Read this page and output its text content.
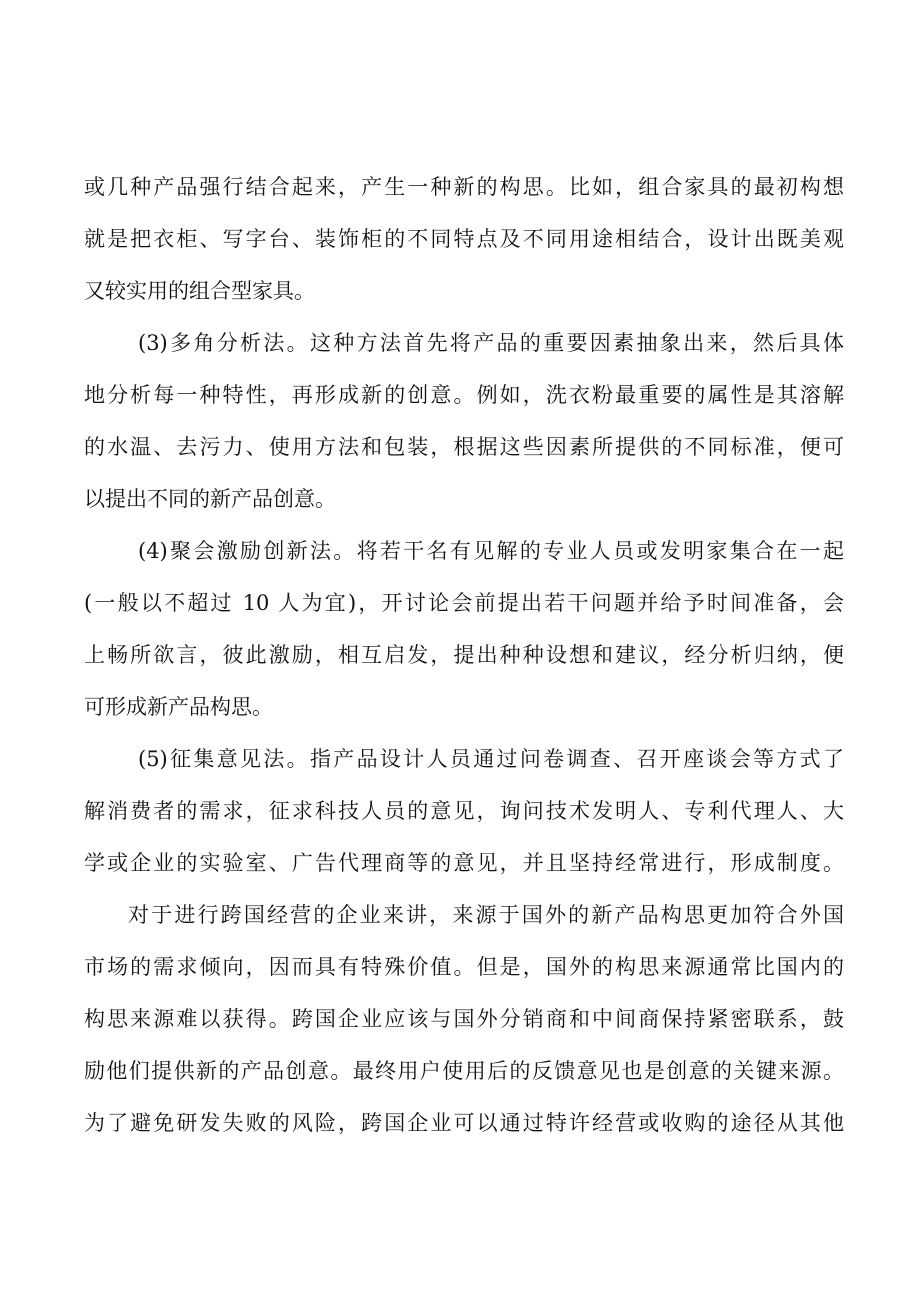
或几种产品强行结合起来，产生一种新的构思。比如，组合家具的最初构想
就是把衣柜、写字台、装饰柜的不同特点及不同用途相结合，设计出既美观
又较实用的组合型家具。
(3)多角分析法。这种方法首先将产品的重要因素抽象出来，然后具体
地分析每一种特性，再形成新的创意。例如，洗衣粉最重要的属性是其溶解
的水温、去污力、使用方法和包装，根据这些因素所提供的不同标准，便可
以提出不同的新产品创意。
(4)聚会激励创新法。将若干名有见解的专业人员或发明家集合在一起
(一般以不超过 10 人为宜)，开讨论会前提出若干问题并给予时间准备，会
上畅所欲言，彼此激励，相互启发，提出种种设想和建议，经分析归纳，便
可形成新产品构思。
(5)征集意见法。指产品设计人员通过问卷调查、召开座谈会等方式了
解消费者的需求，征求科技人员的意见，询问技术发明人、专利代理人、大
学或企业的实验室、广告代理商等的意见，并且坚持经常进行，形成制度。
对于进行跨国经营的企业来讲，来源于国外的新产品构思更加符合外国
市场的需求倾向，因而具有特殊价值。但是，国外的构思来源通常比国内的
构思来源难以获得。跨国企业应该与国外分销商和中间商保持紧密联系，鼓
励他们提供新的产品创意。最终用户使用后的反馈意见也是创意的关键来源。
为了避免研发失败的风险，跨国企业可以通过特许经营或收购的途径从其他
